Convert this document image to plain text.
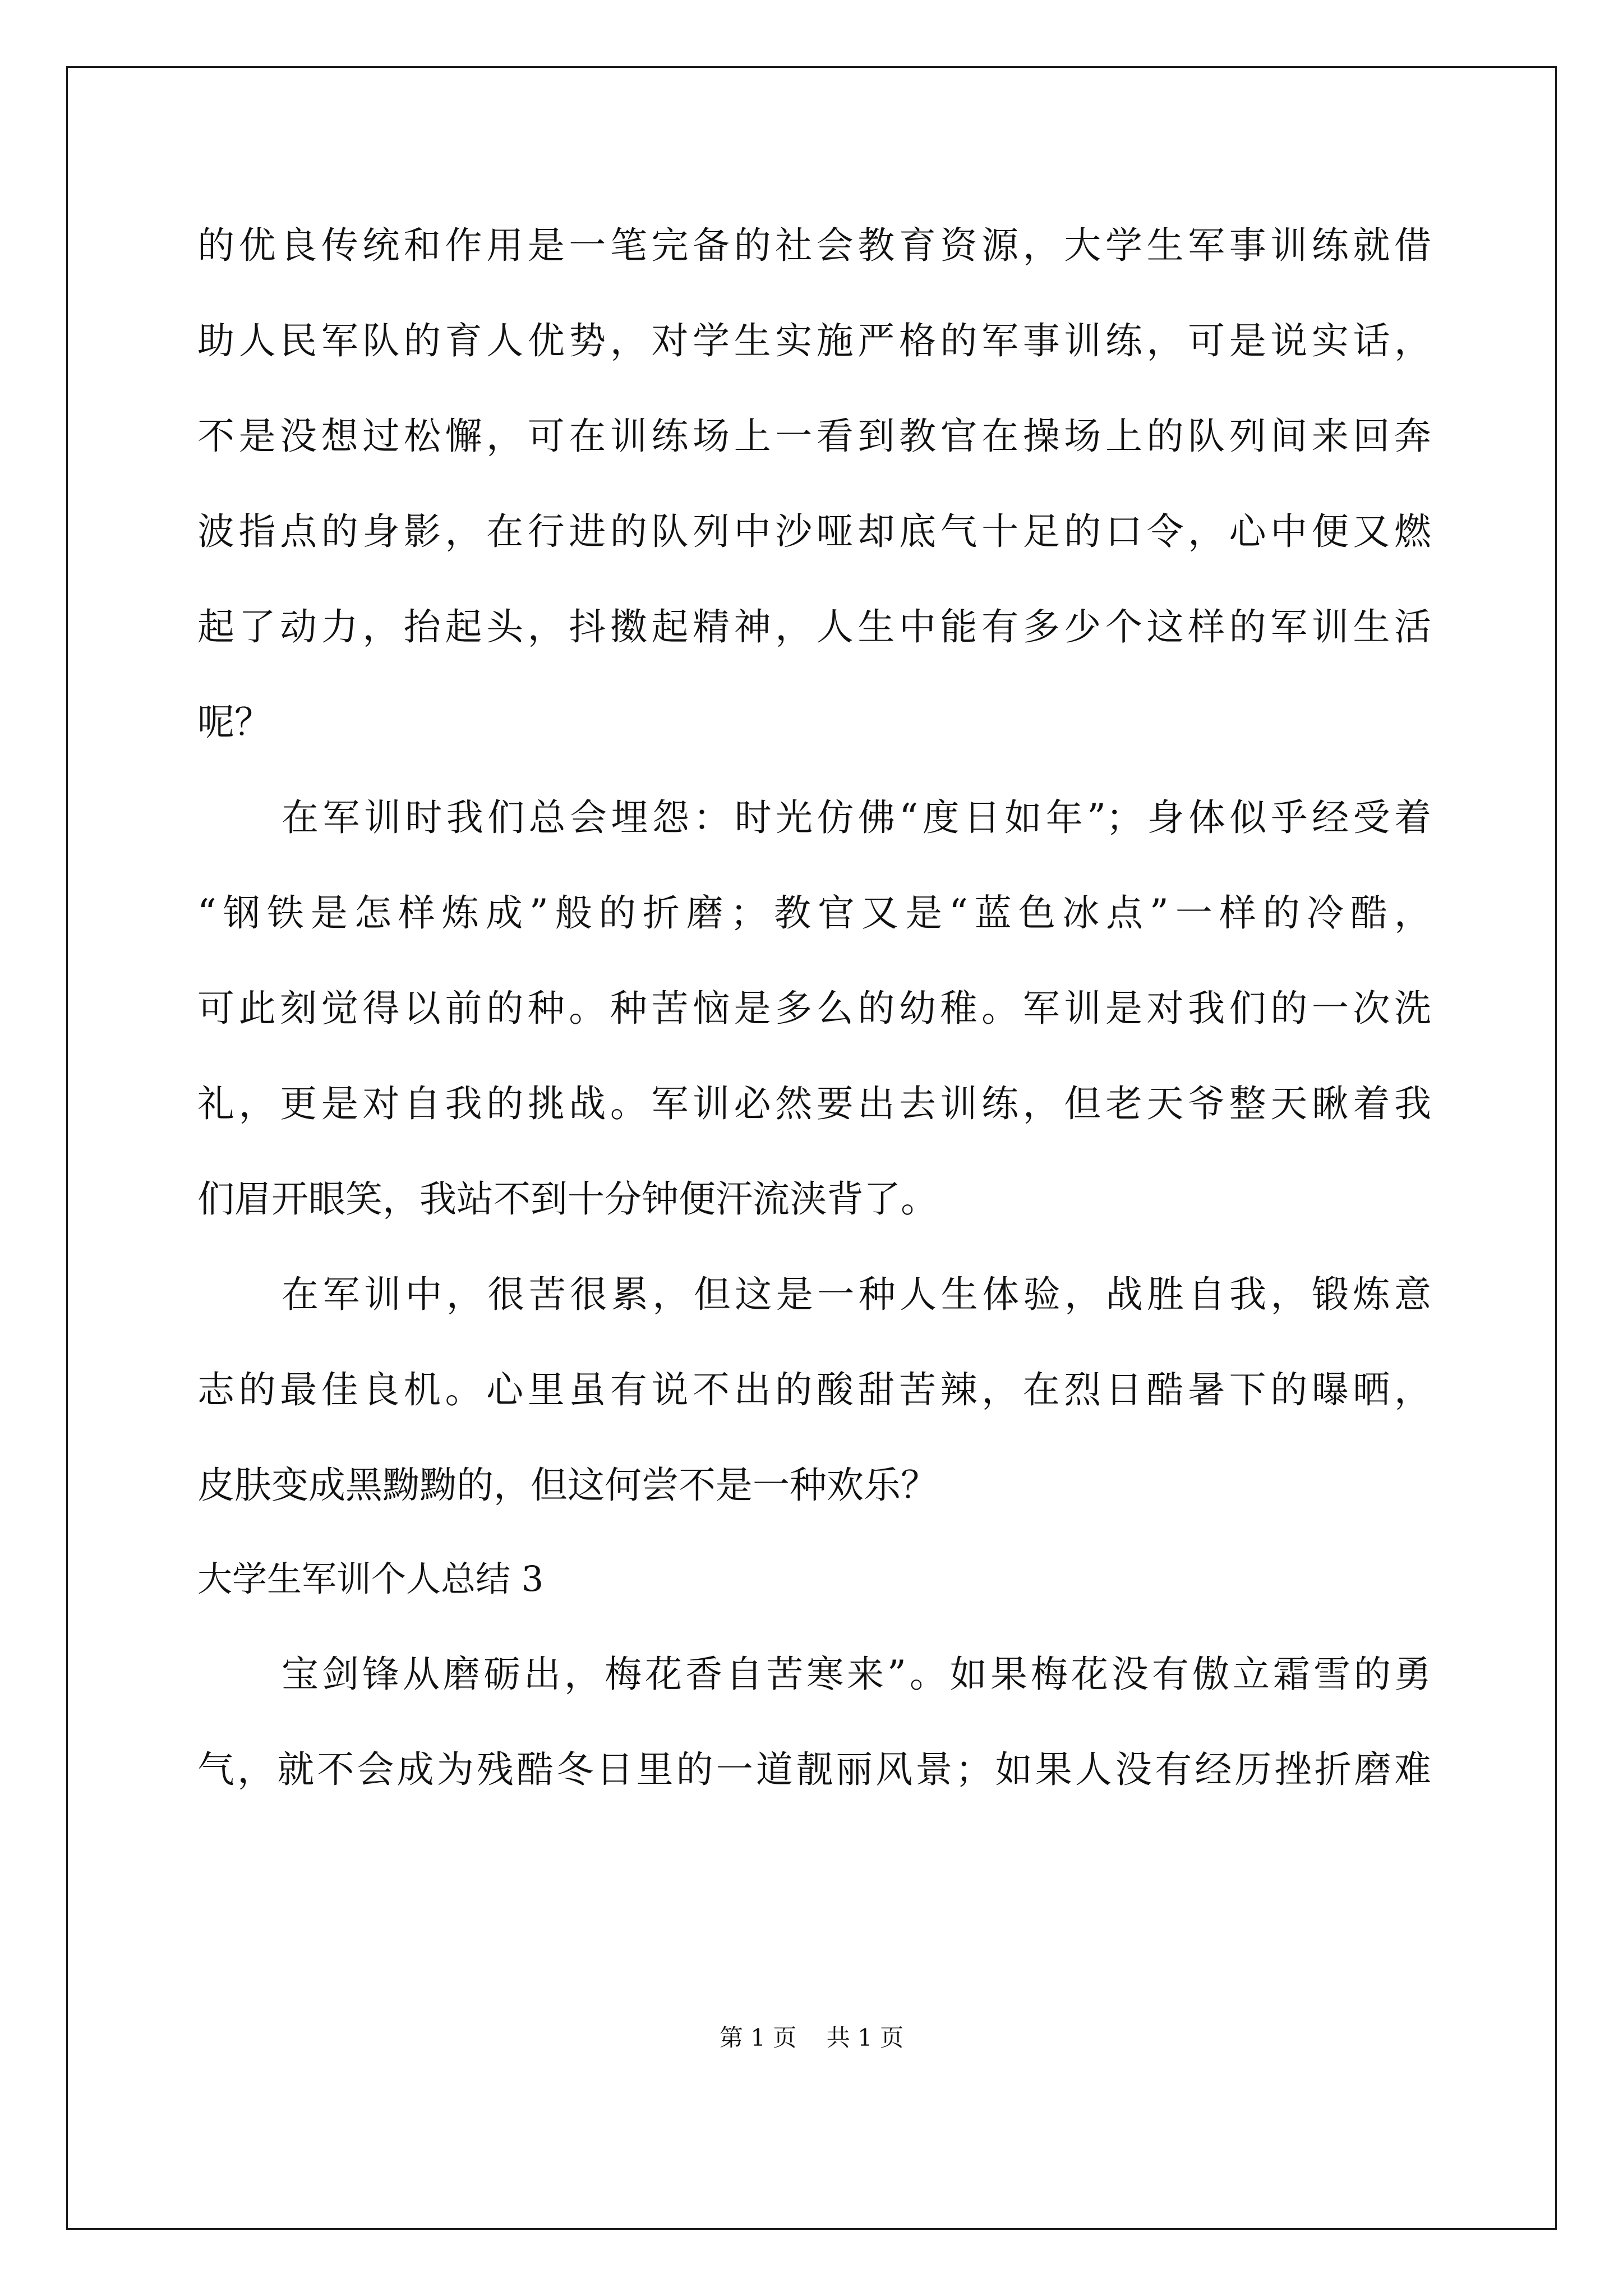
的优良传统和作用是一笔完备的社会教育资源，大学生军事训练就借
助人民军队的育人优势，对学生实施严格的军事训练，可是说实话，
不是没想过松懈，可在训练场上一看到教官在操场上的队列间来回奔
波指点的身影，在行进的队列中沙哑却底气十足的口令，心中便又燃
起了动力，抬起头，抖擞起精神，人生中能有多少个这样的军训生活
呢？
在军训时我们总会埋怨：时光仿佛“度日如年”；身体似乎经受着
“钢铁是怎样炼成”般的折磨；教官又是“蓝色冰点”一样的冷酷，
可此刻觉得以前的种。种苦恼是多么的幼稚。军训是对我们的一次洗
礼，更是对自我的挑战。军训必然要出去训练，但老天爷整天瞅着我
们眉开眼笑，我站不到十分钟便汗流浃背了。
在军训中，很苦很累，但这是一种人生体验，战胜自我，锻炼意
志的最佳良机。心里虽有说不出的酸甜苦辣，在烈日酷暑下的曝晒，
皮肤变成黑黝黝的，但这何尝不是一种欢乐？
大学生军训个人总结 3
宝剑锋从磨砺出，梅花香自苦寒来”。如果梅花没有傲立霜雪的勇
气，就不会成为残酷冬日里的一道靓丽风景；如果人没有经历挫折磨难
第 1 页    共 1 页
